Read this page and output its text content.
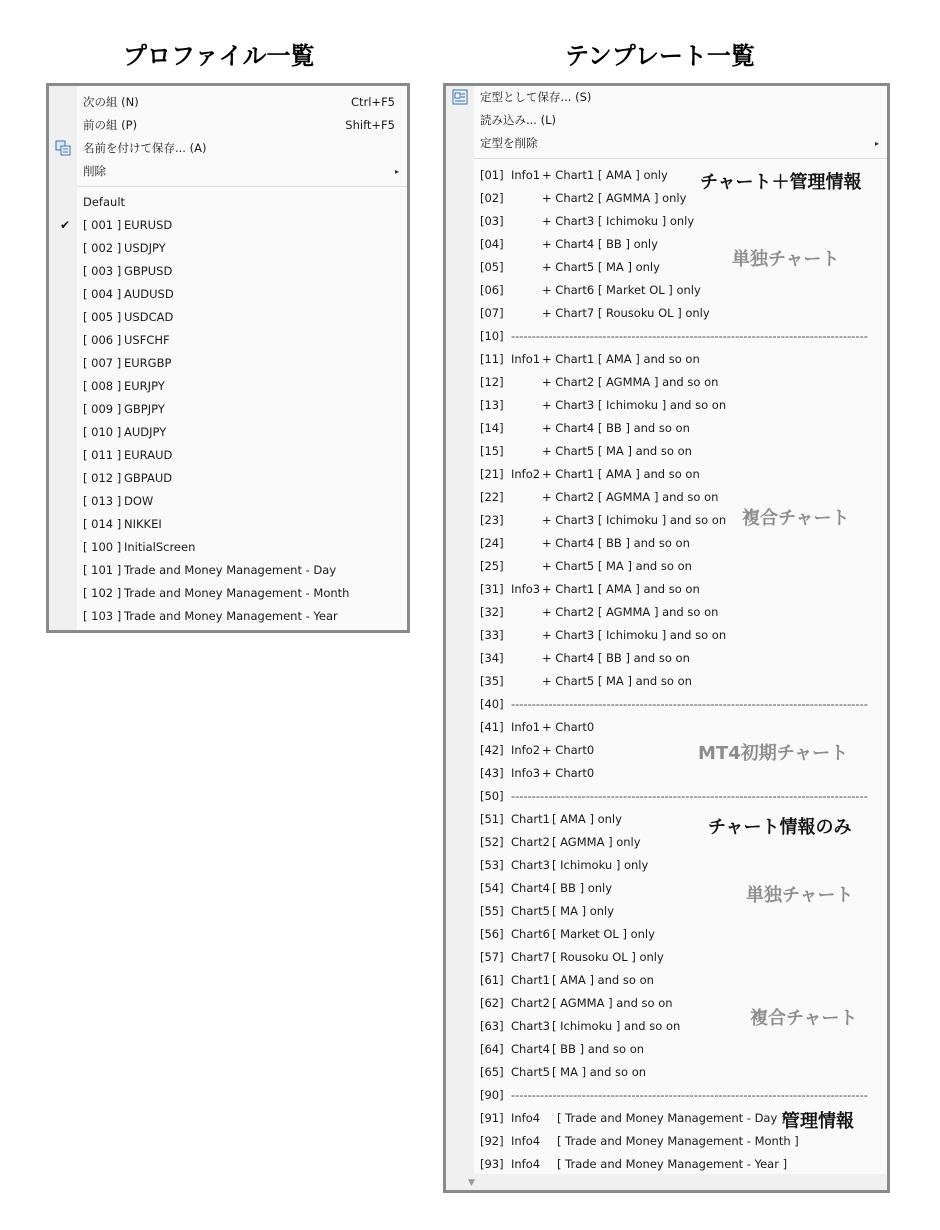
プロファイル一覧	テンプレート一覧
次の組 (N)	Ctrl+F5
前の組 (P)	Shift+F5
名前を付けて保存... (A)
削除	▸
Default
[ 001 ] EURUSD
✔
[ 002 ] USDJPY
[ 003 ] GBPUSD
[ 004 ] AUDUSD
[ 005 ] USDCAD
[ 006 ] USFCHF
[ 007 ] EURGBP
[ 008 ] EURJPY
[ 009 ] GBPJPY
[ 010 ] AUDJPY
[ 011 ] EURAUD
[ 012 ] GBPAUD
[ 013 ] DOW
[ 014 ] NIKKEI
[ 100 ] InitialScreen
[ 101 ] Trade and Money Management - Day
[ 102 ] Trade and Money Management - Month
[ 103 ] Trade and Money Management - Year
定型として保存... (S)
読み込み... (L)
定型を削除	▸
[01] Info1 + Chart1 [ AMA ] only
[02]	+ Chart2 [ AGMMA ] only
[03]	+ Chart3 [ Ichimoku ] only
[04]	+ Chart4 [ BB ] only
[05]	+ Chart5 [ MA ] only
[06]	+ Chart6 [ Market OL ] only
[07]	+ Chart7 [ Rousoku OL ] only
[10] --------------------------------------------------------------------------------------
[11] Info1 + Chart1 [ AMA ] and so on
[12]	+ Chart2 [ AGMMA ] and so on
[13]	+ Chart3 [ Ichimoku ] and so on
[14]	+ Chart4 [ BB ] and so on
[15]	+ Chart5 [ MA ] and so on
[21] Info2 + Chart1 [ AMA ] and so on
[22]	+ Chart2 [ AGMMA ] and so on
[23]	+ Chart3 [ Ichimoku ] and so on
[24]	+ Chart4 [ BB ] and so on
[25]	+ Chart5 [ MA ] and so on
[31] Info3 + Chart1 [ AMA ] and so on
[32]	+ Chart2 [ AGMMA ] and so on
[33]	+ Chart3 [ Ichimoku ] and so on
[34]	+ Chart4 [ BB ] and so on
[35]	+ Chart5 [ MA ] and so on
[40] --------------------------------------------------------------------------------------
[41] Info1 + Chart0
[42] Info2 + Chart0
[43] Info3 + Chart0
[50] --------------------------------------------------------------------------------------
[51] Chart1 [ AMA ] only
[52] Chart2 [ AGMMA ] only
[53] Chart3 [ Ichimoku ] only
[54] Chart4 [ BB ] only
[55] Chart5 [ MA ] only
[56] Chart6 [ Market OL ] only
[57] Chart7 [ Rousoku OL ] only
[61] Chart1 [ AMA ] and so on
[62] Chart2 [ AGMMA ] and so on
[63] Chart3 [ Ichimoku ] and so on
[64] Chart4 [ BB ] and so on
[65] Chart5 [ MA ] and so on
[90] --------------------------------------------------------------------------------------
[91] Info4 [ Trade and Money Management - Day ]
[92] Info4 [ Trade and Money Management - Month ]
[93] Info4 [ Trade and Money Management - Year ]
▼
チャート＋管理情報
単独チャート
複合チャート
MT4初期チャート
チャート情報のみ
単独チャート
複合チャート
管理情報
